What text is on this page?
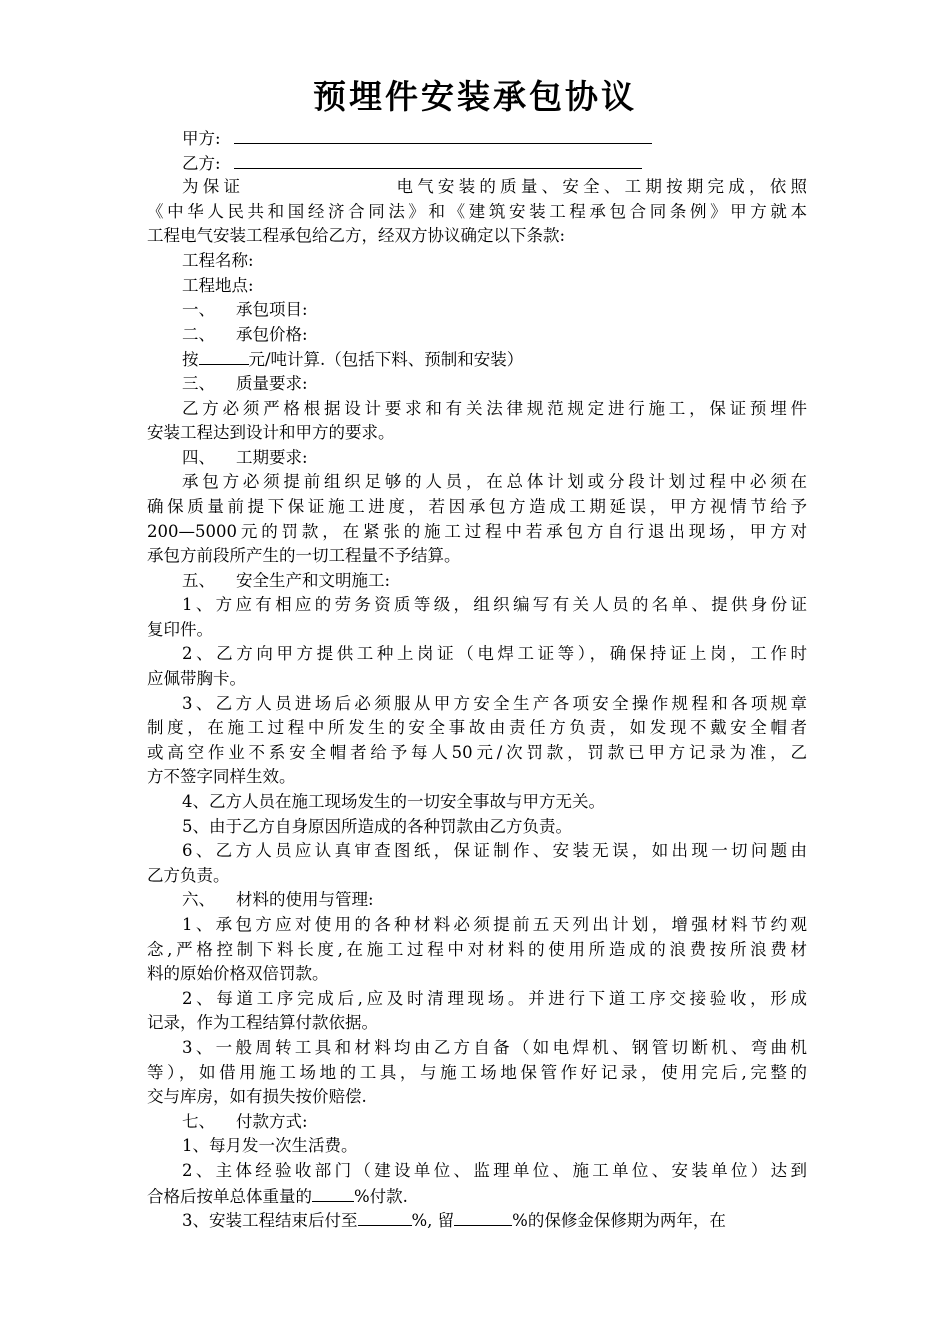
预埋件安装承包协议
甲方:
乙方:
为保证	电气安装的质量、安全、工期按期完成，依照
《中华人民共和国经济合同法》和《建筑安装工程承包合同条例》甲方就本
工程电气安装工程承包给乙方，经双方协议确定以下条款:
工程名称:
工程地点:
一、    承包项目:
二、    承包价格:
按	元/吨计算.（包括下料、预制和安装）
三、    质量要求:
乙方必须严格根据设计要求和有关法律规范规定进行施工，保证预埋件
安装工程达到设计和甲方的要求。
四、    工期要求:
承包方必须提前组织足够的人员，在总体计划或分段计划过程中必须在
确保质量前提下保证施工进度，若因承包方造成工期延误，甲方视情节给予
200—5000元的罚款，在紧张的施工过程中若承包方自行退出现场，甲方对
承包方前段所产生的一切工程量不予结算。
五、    安全生产和文明施工:
1、方应有相应的劳务资质等级，组织编写有关人员的名单、提供身份证
复印件。
2、乙方向甲方提供工种上岗证（电焊工证等），确保持证上岗，工作时
应佩带胸卡。
3、乙方人员进场后必须服从甲方安全生产各项安全操作规程和各项规章
制度，在施工过程中所发生的安全事故由责任方负责，如发现不戴安全帽者
或高空作业不系安全帽者给予每人50元/次罚款，罚款已甲方记录为准，乙
方不签字同样生效。
4、乙方人员在施工现场发生的一切安全事故与甲方无关。
5、由于乙方自身原因所造成的各种罚款由乙方负责。
6、乙方人员应认真审查图纸，保证制作、安装无误，如出现一切问题由
乙方负责。
六、    材料的使用与管理:
1、承包方应对使用的各种材料必须提前五天列出计划，增强材料节约观
念,严格控制下料长度,在施工过程中对材料的使用所造成的浪费按所浪费材
料的原始价格双倍罚款。
2、每道工序完成后,应及时清理现场。并进行下道工序交接验收，形成
记录，作为工程结算付款依据。
3、一般周转工具和材料均由乙方自备（如电焊机、钢管切断机、弯曲机
等），如借用施工场地的工具，与施工场地保管作好记录，使用完后,完整的
交与库房，如有损失按价赔偿.
七、    付款方式:
1、每月发一次生活费。
2、主体经验收部门（建设单位、监理单位、施工单位、安装单位）达到
合格后按单总体重量的	%付款.
3、安装工程结束后付至	%, 留	%的保修金保修期为两年，在
